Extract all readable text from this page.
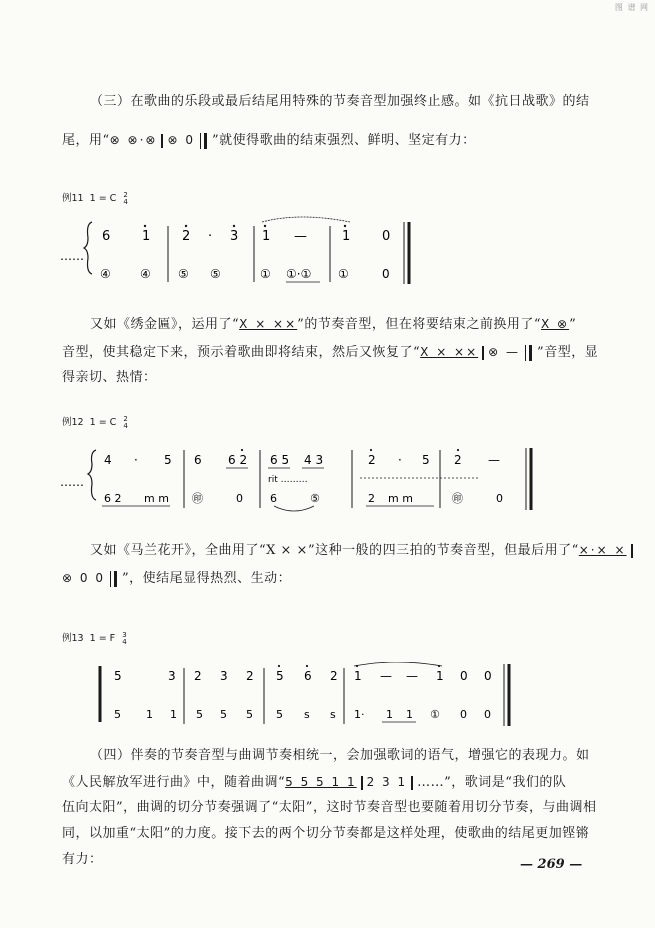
图 谱 网
（三）在歌曲的乐段或最后结尾用特殊的节奏音型加强终止感。如《抗日战歌》的结
尾，用“⊗ ⊗·⊗ ⊗ 0 ”就使得歌曲的结束强烈、鲜明、坚定有力：
例11 1 = C 2
4
……
6 1 2 · 3 1 —	1 0
④ ④ ⑤ ⑤	① ①·① ①	0
又如《绣金匾》，运用了“X × ××”的节奏音型，但在将要结束之前换用了“X ⊗”
音型，使其稳定下来，预示着歌曲即将结束，然后又恢复了“X × ×× ⊗ — ”音型，显
得亲切、热情：
例12 1 = C 2
4
……
4 · 5 6 6 2 6 5 4 3	2 · 5 2 —
rit ………
6 2 m m ㊞	0 6	⑤	2 m m	㊞	0
又如《马兰花开》，全曲用了“X × ×”这种一般的四三拍的节奏音型，但最后用了“×·× ×
⊗ 0 0 ”，使结尾显得热烈、生动：
例13 1 = F 3
4
5	3 2 3 2 5 6 2 1 — — 1 0 0
5 1 1 5 5 5 5 s s 1· 1 1 ① 0 0
（四）伴奏的节奏音型与曲调节奏相统一，会加强歌词的语气，增强它的表现力。如
《人民解放军进行曲》中，随着曲调“5 5 5 1 1 2 3 1 ……”，歌词是“我们的队
伍向太阳”，曲调的切分节奏强调了“太阳”，这时节奏音型也要随着用切分节奏，与曲调相
同，以加重“太阳”的力度。接下去的两个切分节奏都是这样处理，使歌曲的结尾更加铿锵
有力：	— 269 —
